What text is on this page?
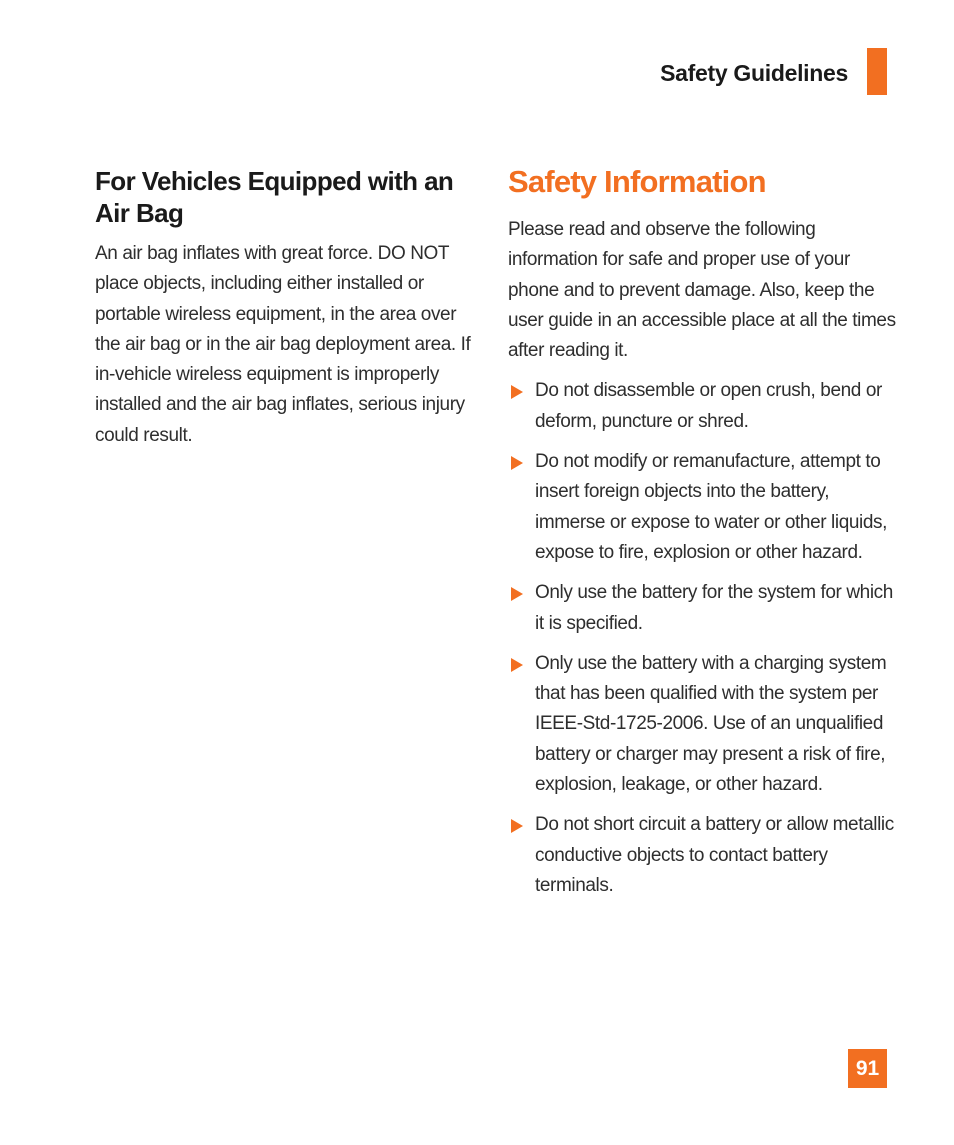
Safety Guidelines
For Vehicles Equipped with an Air Bag

An air bag inflates with great force. DO NOT place objects, including either installed or portable wireless equipment, in the area over the air bag or in the air bag deployment area. If in-vehicle wireless equipment is improperly installed and the air bag inflates, serious injury could result.

Safety Information

Please read and observe the following information for safe and proper use of your phone and to prevent damage. Also, keep the user guide in an accessible place at all the times after reading it.

Do not disassemble or open crush, bend or deform, puncture or shred.

Do not modify or remanufacture, attempt to insert foreign objects into the battery, immerse or expose to water or other liquids, expose to fire, explosion or other hazard.

Only use the battery for the system for which it is specified.

Only use the battery with a charging system that has been qualified with the system per IEEE-Std-1725-2006. Use of an unqualified battery or charger may present a risk of fire, explosion, leakage, or other hazard.

Do not short circuit a battery or allow metallic conductive objects to contact battery terminals.

91
